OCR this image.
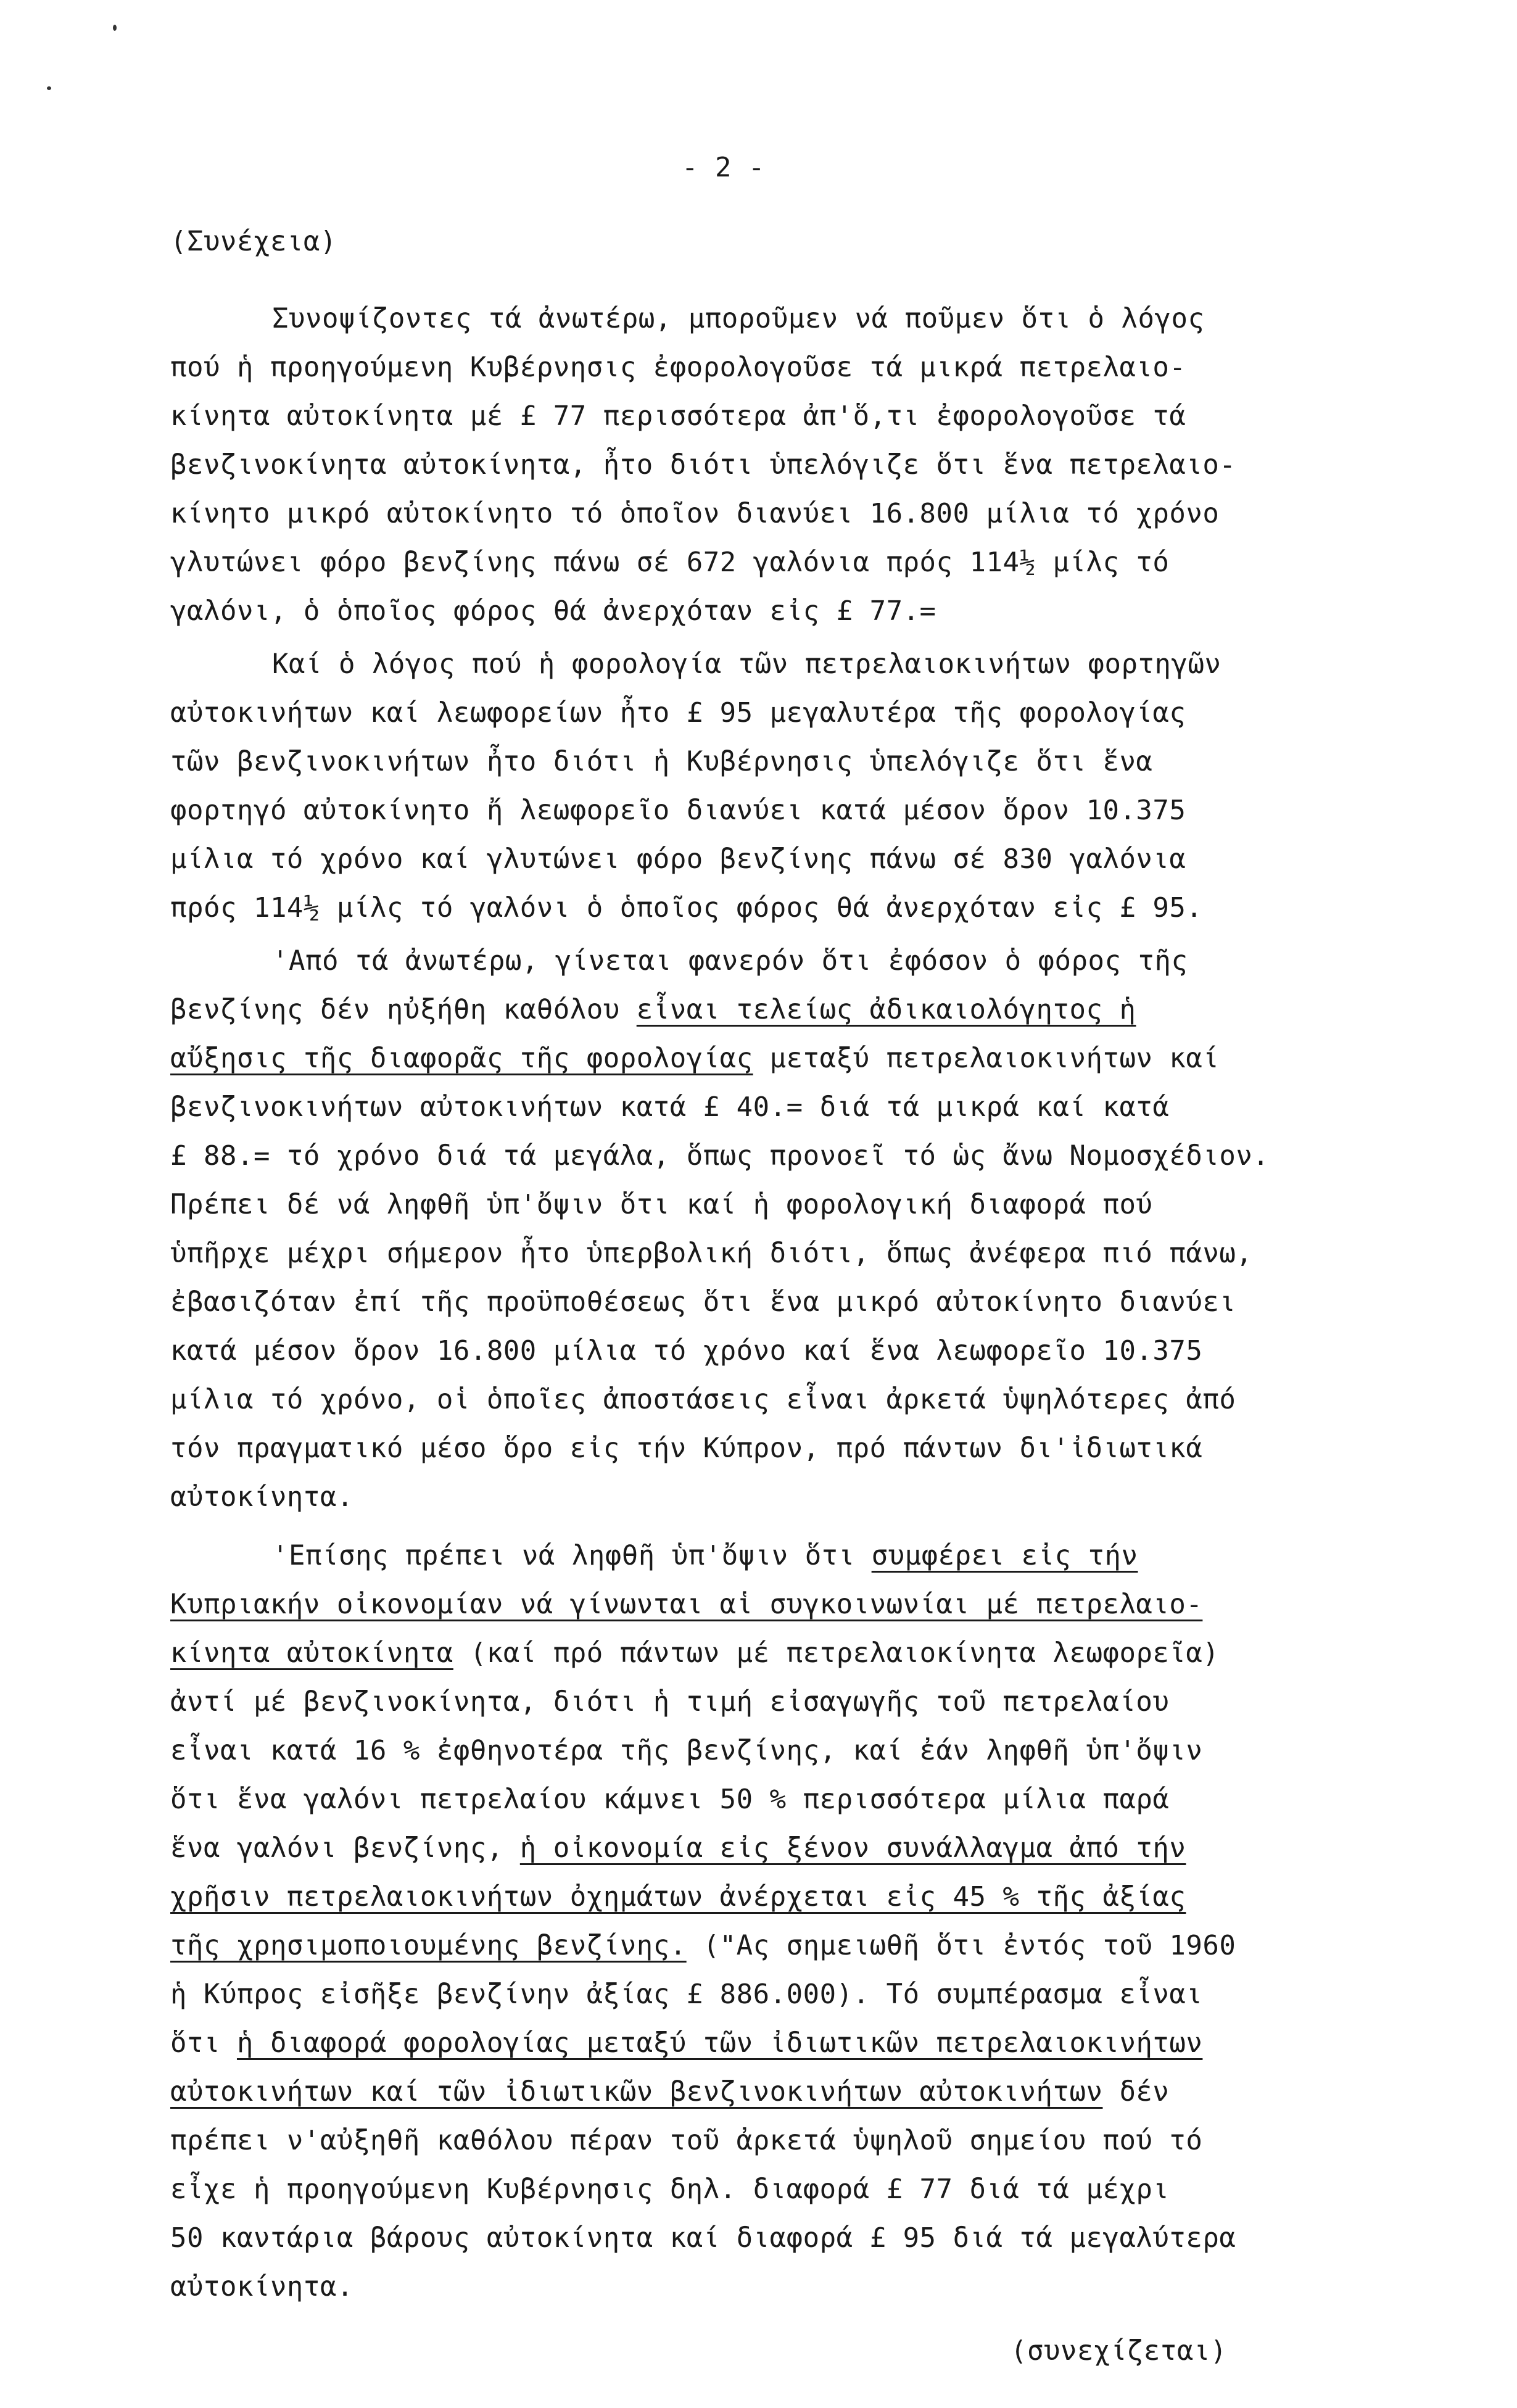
- 2 -
(Συνέχεια)
Συνοψίζοντες τά ἀνωτέρω, μποροῦμεν νά ποῦμεν ὅτι ὁ λόγος
πού ἡ προηγούμενη Κυβέρνησις ἐφορολογοῦσε τά μικρά πετρελαιο-
κίνητα αὐτοκίνητα μέ £ 77 περισσότερα ἀπ'ὅ,τι ἐφορολογοῦσε τά
βενζινοκίνητα αὐτοκίνητα, ἦτο διότι ὑπελόγιζε ὅτι ἕνα πετρελαιο-
κίνητο μικρό αὐτοκίνητο τό ὁποῖον διανύει 16.800 μίλια τό χρόνο
γλυτώνει φόρο βενζίνης πάνω σέ 672 γαλόνια πρός 114½ μίλς τό
γαλόνι, ὁ ὁποῖος φόρος θά ἀνερχόταν εἰς £ 77.=
Καί ὁ λόγος πού ἡ φορολογία τῶν πετρελαιοκινήτων φορτηγῶν
αὐτοκινήτων καί λεωφορείων ἦτο £ 95 μεγαλυτέρα τῆς φορολογίας
τῶν βενζινοκινήτων ἦτο διότι ἡ Κυβέρνησις ὑπελόγιζε ὅτι ἕνα
φορτηγό αὐτοκίνητο ἤ λεωφορεῖο διανύει κατά μέσον ὅρον 10.375
μίλια τό χρόνο καί γλυτώνει φόρο βενζίνης πάνω σέ 830 γαλόνια
πρός 114½ μίλς τό γαλόνι ὁ ὁποῖος φόρος θά ἀνερχόταν εἰς £ 95.
'Από τά ἀνωτέρω, γίνεται φανερόν ὅτι ἐφόσον ὁ φόρος τῆς
βενζίνης δέν ηὐξήθη καθόλου εἶναι τελείως ἀδικαιολόγητος ἡ
αὔξησις τῆς διαφορᾶς τῆς φορολογίας μεταξύ πετρελαιοκινήτων καί
βενζινοκινήτων αὐτοκινήτων κατά £ 40.= διά τά μικρά καί κατά
£ 88.= τό χρόνο διά τά μεγάλα, ὅπως προνοεῖ τό ὡς ἄνω Νομοσχέδιον.
Πρέπει δέ νά ληφθῆ ὑπ'ὄψιν ὅτι καί ἡ φορολογική διαφορά πού
ὑπῆρχε μέχρι σήμερον ἦτο ὑπερβολική διότι, ὅπως ἀνέφερα πιό πάνω,
ἐβασιζόταν ἐπί τῆς προϋποθέσεως ὅτι ἕνα μικρό αὐτοκίνητο διανύει
κατά μέσον ὅρον 16.800 μίλια τό χρόνο καί ἕνα λεωφορεῖο 10.375
μίλια τό χρόνο, οἱ ὁποῖες ἀποστάσεις εἶναι ἀρκετά ὑψηλότερες ἀπό
τόν πραγματικό μέσο ὅρο εἰς τήν Κύπρον, πρό πάντων δι'ἰδιωτικά
αὐτοκίνητα.
'Επίσης πρέπει νά ληφθῆ ὑπ'ὄψιν ὅτι συμφέρει εἰς τήν
Κυπριακήν οἰκονομίαν νά γίνωνται αἱ συγκοινωνίαι μέ πετρελαιο-
κίνητα αὐτοκίνητα (καί πρό πάντων μέ πετρελαιοκίνητα λεωφορεῖα)
ἀντί μέ βενζινοκίνητα, διότι ἡ τιμή εἰσαγωγῆς τοῦ πετρελαίου
εἶναι κατά 16 % ἐφθηνοτέρα τῆς βενζίνης, καί ἐάν ληφθῆ ὑπ'ὄψιν
ὅτι ἕνα γαλόνι πετρελαίου κάμνει 50 % περισσότερα μίλια παρά
ἕνα γαλόνι βενζίνης, ἡ οἰκονομία εἰς ξένον συνάλλαγμα ἀπό τήν
χρῆσιν πετρελαιοκινήτων ὀχημάτων ἀνέρχεται εἰς 45 % τῆς ἀξίας
τῆς χρησιμοποιουμένης βενζίνης. ("Ας σημειωθῆ ὅτι ἐντός τοῦ 1960
ἡ Κύπρος εἰσῆξε βενζίνην ἀξίας £ 886.000). Τό συμπέρασμα εἶναι
ὅτι ἡ διαφορά φορολογίας μεταξύ τῶν ἰδιωτικῶν πετρελαιοκινήτων
αὐτοκινήτων καί τῶν ἰδιωτικῶν βενζινοκινήτων αὐτοκινήτων δέν
πρέπει ν'αὐξηθῆ καθόλου πέραν τοῦ ἀρκετά ὑψηλοῦ σημείου πού τό
εἶχε ἡ προηγούμενη Κυβέρνησις δηλ. διαφορά £ 77 διά τά μέχρι
50 καντάρια βάρους αὐτοκίνητα καί διαφορά £ 95 διά τά μεγαλύτερα
αὐτοκίνητα.
(συνεχίζεται)
